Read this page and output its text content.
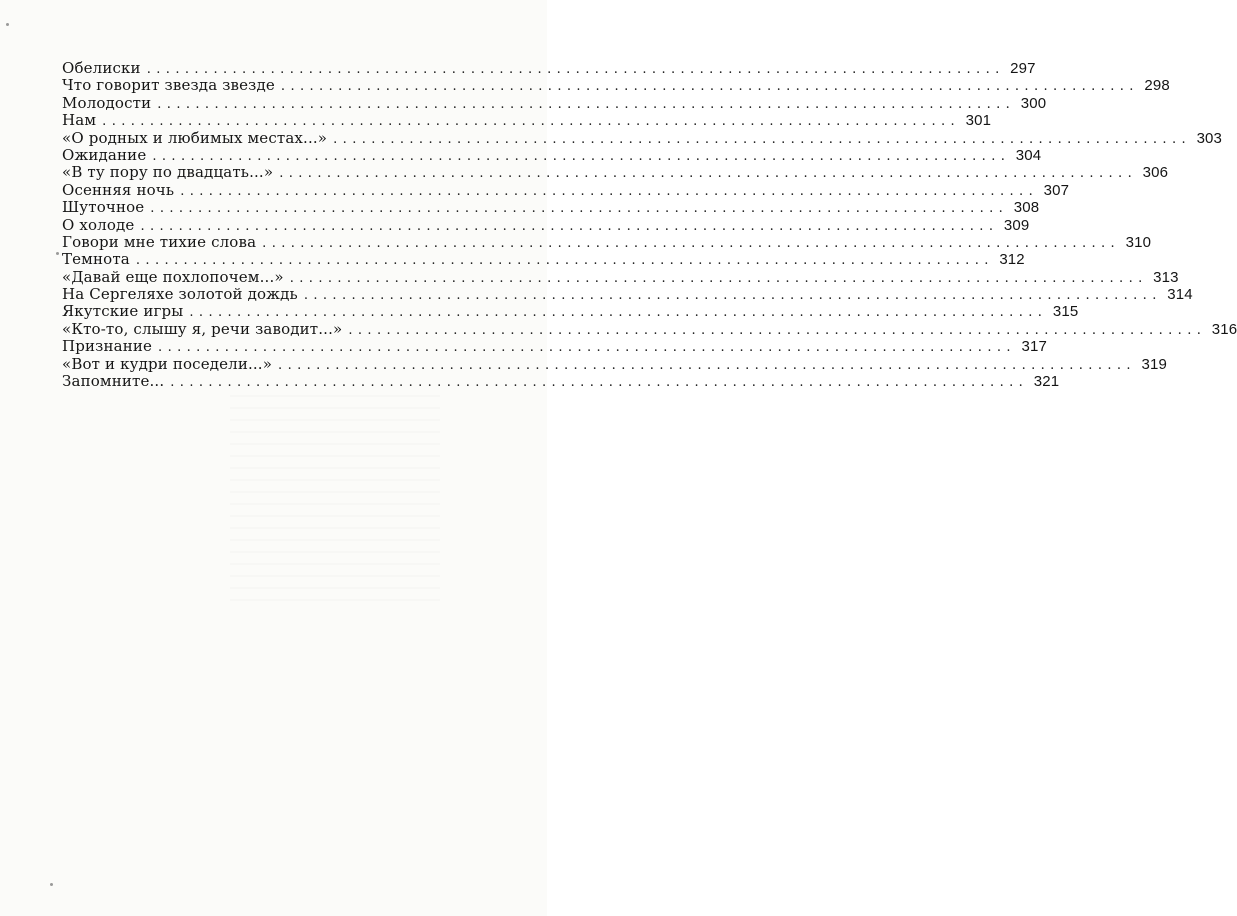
Обелиски .......................................................................................... 297
Что говорит звезда звезде .......................................................................................... 298
Молодости .......................................................................................... 300
Нам .......................................................................................... 301
«О родных и любимых местах...» .......................................................................................... 303
Ожидание .......................................................................................... 304
«В ту пору по двадцать...» .......................................................................................... 306
Осенняя ночь .......................................................................................... 307
Шуточное .......................................................................................... 308
О холоде .......................................................................................... 309
Говори мне тихие слова .......................................................................................... 310
Темнота .......................................................................................... 312
«Давай еще похлопочем...» .......................................................................................... 313
На Сергеляхе золотой дождь .......................................................................................... 314
Якутские игры .......................................................................................... 315
«Кто-то, слышу я, речи заводит...» .......................................................................................... 316
Признание .......................................................................................... 317
«Вот и кудри поседели...» .......................................................................................... 319
Запомните... .......................................................................................... 321
